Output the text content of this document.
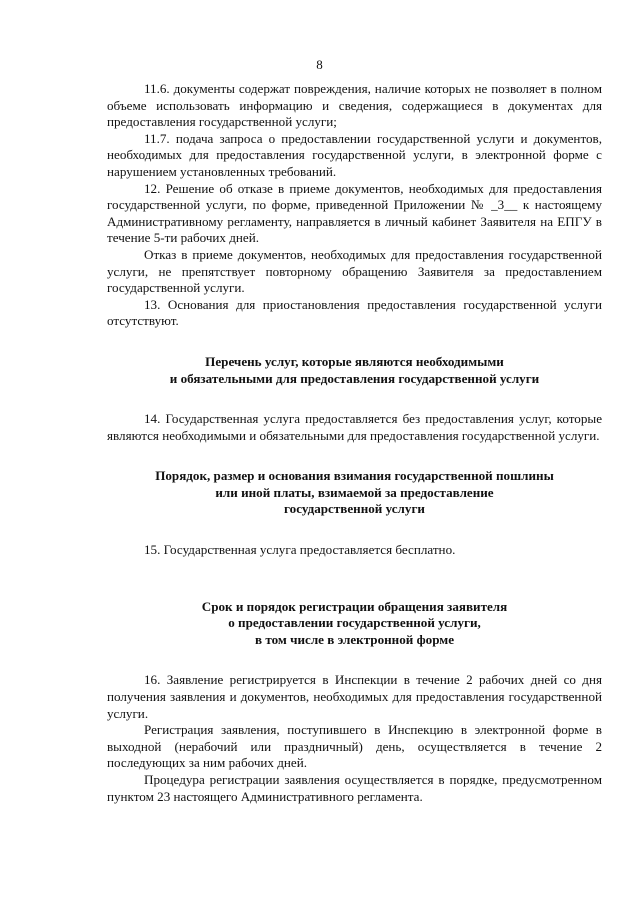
8

11.6. документы содержат повреждения, наличие которых не позволяет в полном объеме использовать информацию и сведения, содержащиеся в документах для предоставления государственной услуги;

11.7. подача запроса о предоставлении государственной услуги и документов, необходимых для предоставления государственной услуги, в электронной форме с нарушением установленных требований.

12. Решение об отказе в приеме документов, необходимых для предоставления государственной услуги, по форме, приведенной Приложении № _3__ к настоящему Административному регламенту, направляется в личный кабинет Заявителя на ЕПГУ в течение 5-ти рабочих дней.

Отказ в приеме документов, необходимых для предоставления государственной услуги, не препятствует повторному обращению Заявителя за предоставлением государственной услуги.

13. Основания для приостановления предоставления государственной услуги отсутствуют.

Перечень услуг, которые являются необходимыми

и обязательными для предоставления государственной услуги

14. Государственная услуга предоставляется без предоставления услуг, которые являются необходимыми и обязательными для предоставления государственной услуги.

Порядок, размер и основания взимания государственной пошлины

или иной платы, взимаемой за предоставление

государственной услуги

15. Государственная услуга предоставляется бесплатно.

Срок и порядок регистрации обращения заявителя

о предоставлении государственной услуги,

в том числе в электронной форме

16. Заявление регистрируется в Инспекции в течение 2 рабочих дней со дня получения заявления и документов, необходимых для предоставления государственной услуги.

Регистрация заявления, поступившего в Инспекцию в электронной форме в выходной (нерабочий или праздничный) день, осуществляется в течение 2 последующих за ним рабочих дней.

Процедура регистрации заявления осуществляется в порядке, предусмотренном пунктом 23 настоящего Административного регламента.
